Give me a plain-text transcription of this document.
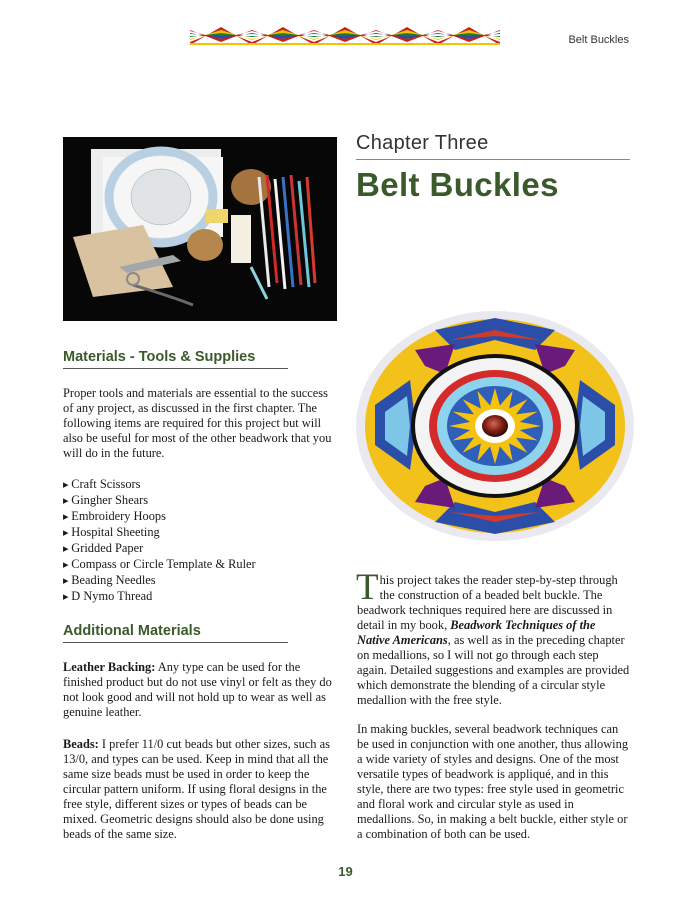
Belt Buckles
Chapter Three
Belt Buckles
Materials - Tools & Supplies
Proper tools and materials are essential to the success of any project, as discussed in the first chapter. The following items are required for this project but will also be useful for most of the other beadwork that you will do in the future.
▸ Craft Scissors
▸ Gingher Shears
▸ Embroidery Hoops
▸ Hospital Sheeting
▸ Gridded Paper
▸ Compass or Circle Template & Ruler
▸ Beading Needles
▸ D Nymo Thread
Additional Materials
Leather Backing: Any type can be used for the finished product but do not use vinyl or felt as they do not look good and will not hold up to wear as well as genuine leather.
Beads: I prefer 11/0 cut beads but other sizes, such as 13/0, and types can be used. Keep in mind that all the same size beads must be used in order to keep the circular pattern uniform. If using floral designs in the free style, different sizes or types of beads can be mixed. Geometric designs should also be done using beads of the same size.
This project takes the reader step-by-step through the construction of a beaded belt buckle. The beadwork techniques required here are discussed in detail in my book, Beadwork Techniques of the Native Americans, as well as in the preceding chapter on medallions, so I will not go through each step again. Detailed suggestions and examples are provided which demonstrate the blending of a circular style medallion with the free style.
In making buckles, several beadwork techniques can be used in conjunction with one another, thus allowing a wide variety of styles and designs. One of the most versatile types of beadwork is appliqué, and in this style, there are two types: free style used in geometric and floral work and circular style as used in medallions. So, in making a belt buckle, either style or a combination of both can be used.
19
